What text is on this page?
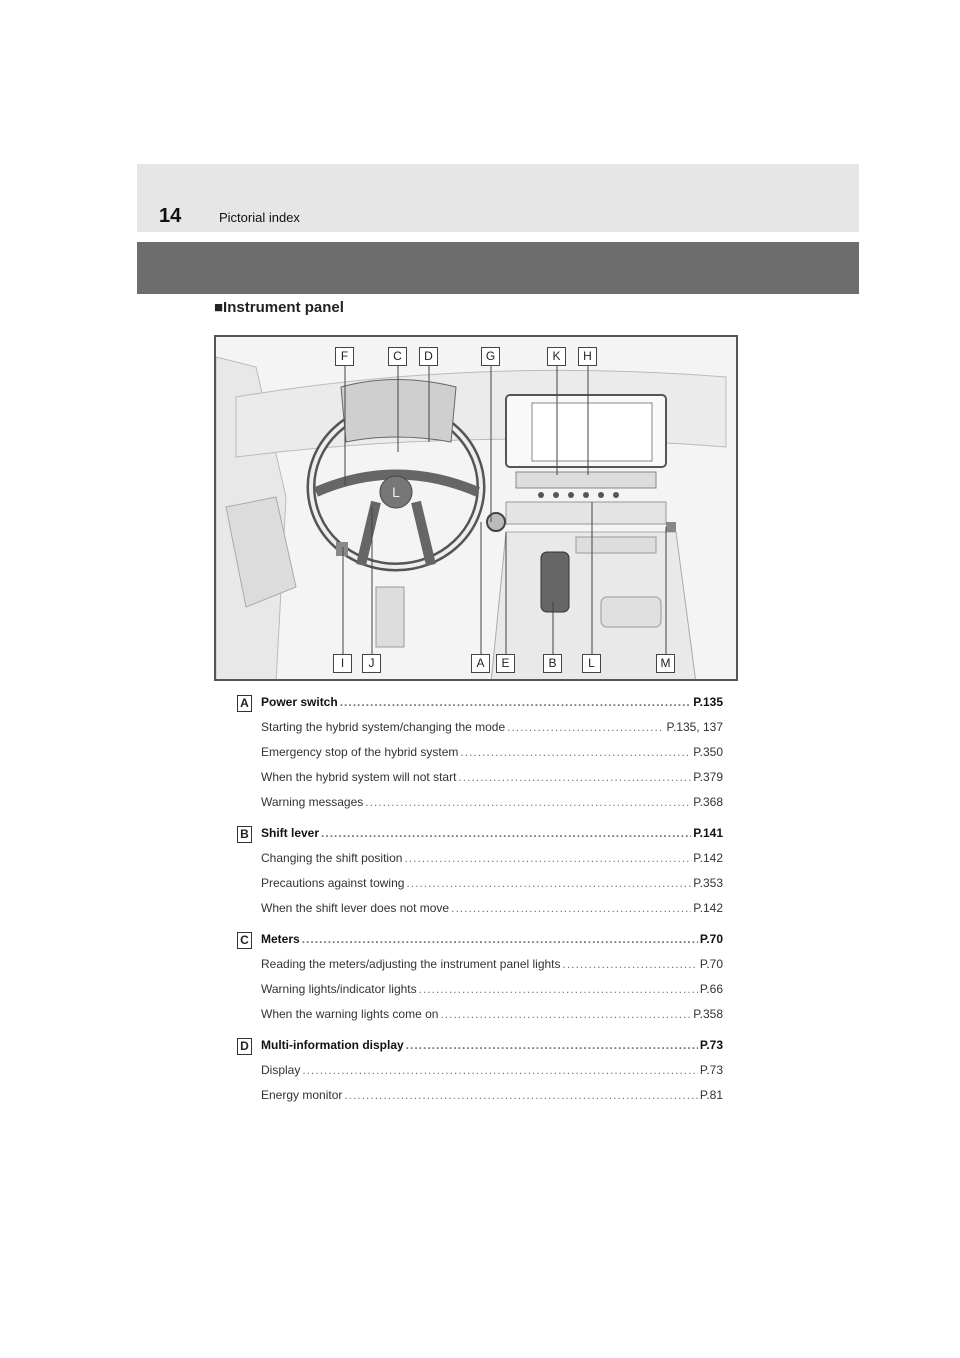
14	Pictorial index
■Instrument panel
L
F	C	D	G	K	H
I	J	A	E	B	L	M
A Power switch .....	P.135
Starting the hybrid system/changing the mode .....	P.135, 137
Emergency stop of the hybrid system .....	P.350
When the hybrid system will not start .....	P.379
Warning messages .....	P.368
B Shift lever .....	P.141
Changing the shift position .....	P.142
Precautions against towing .....	P.353
When the shift lever does not move .....	P.142
C Meters .....	P.70
Reading the meters/adjusting the instrument panel lights .....	P.70
Warning lights/indicator lights .....	P.66
When the warning lights come on .....	P.358
D Multi-information display .....	P.73
Display .....	P.73
Energy monitor .....	P.81
